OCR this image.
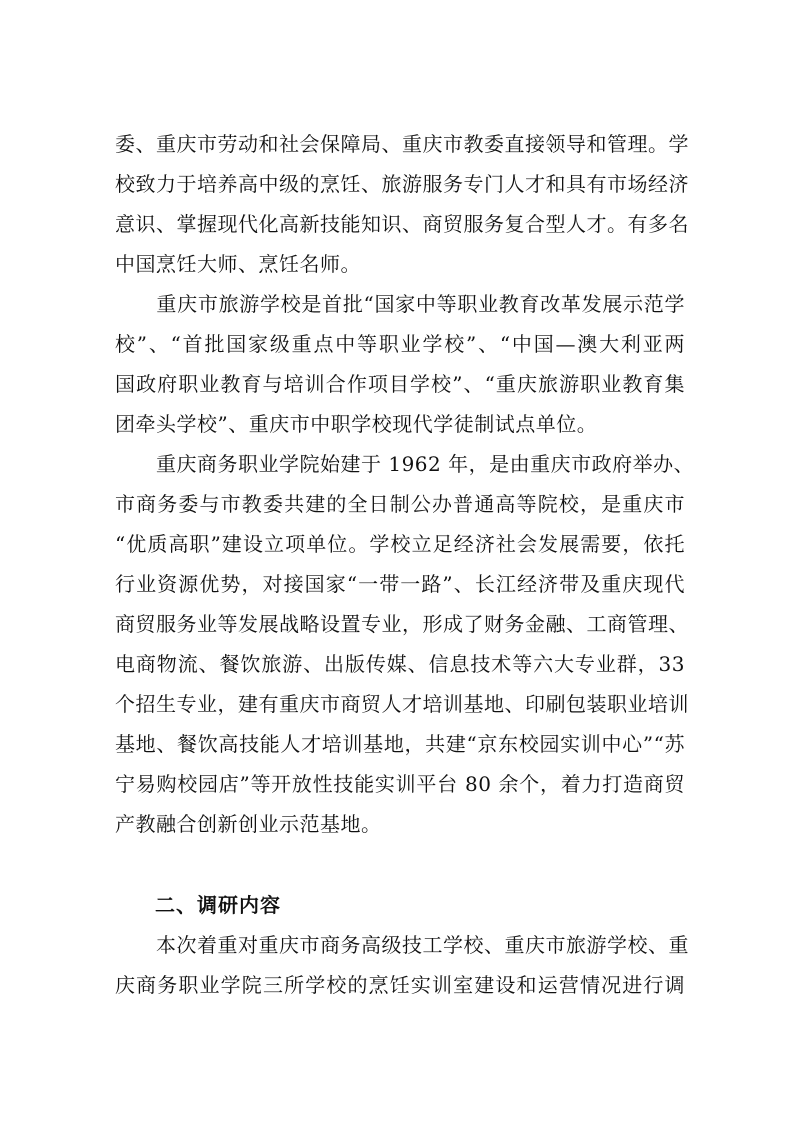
委、重庆市劳动和社会保障局、重庆市教委直接领导和管理。学
校致力于培养高中级的烹饪、旅游服务专门人才和具有市场经济
意识、掌握现代化高新技能知识、商贸服务复合型人才。有多名
中国烹饪大师、烹饪名师。
　　重庆市旅游学校是首批“国家中等职业教育改革发展示范学
校”、“首批国家级重点中等职业学校”、“中国—澳大利亚两
国政府职业教育与培训合作项目学校”、“重庆旅游职业教育集
团牵头学校”、重庆市中职学校现代学徒制试点单位。
　　重庆商务职业学院始建于 1962 年，是由重庆市政府举办、
市商务委与市教委共建的全日制公办普通高等院校，是重庆市
“优质高职”建设立项单位。学校立足经济社会发展需要，依托
行业资源优势，对接国家“一带一路”、长江经济带及重庆现代
商贸服务业等发展战略设置专业，形成了财务金融、工商管理、
电商物流、餐饮旅游、出版传媒、信息技术等六大专业群，33
个招生专业，建有重庆市商贸人才培训基地、印刷包装职业培训
基地、餐饮高技能人才培训基地，共建“京东校园实训中心”“苏
宁易购校园店”等开放性技能实训平台 80 余个，着力打造商贸
产教融合创新创业示范基地。
二、调研内容
　　本次着重对重庆市商务高级技工学校、重庆市旅游学校、重
庆商务职业学院三所学校的烹饪实训室建设和运营情况进行调
